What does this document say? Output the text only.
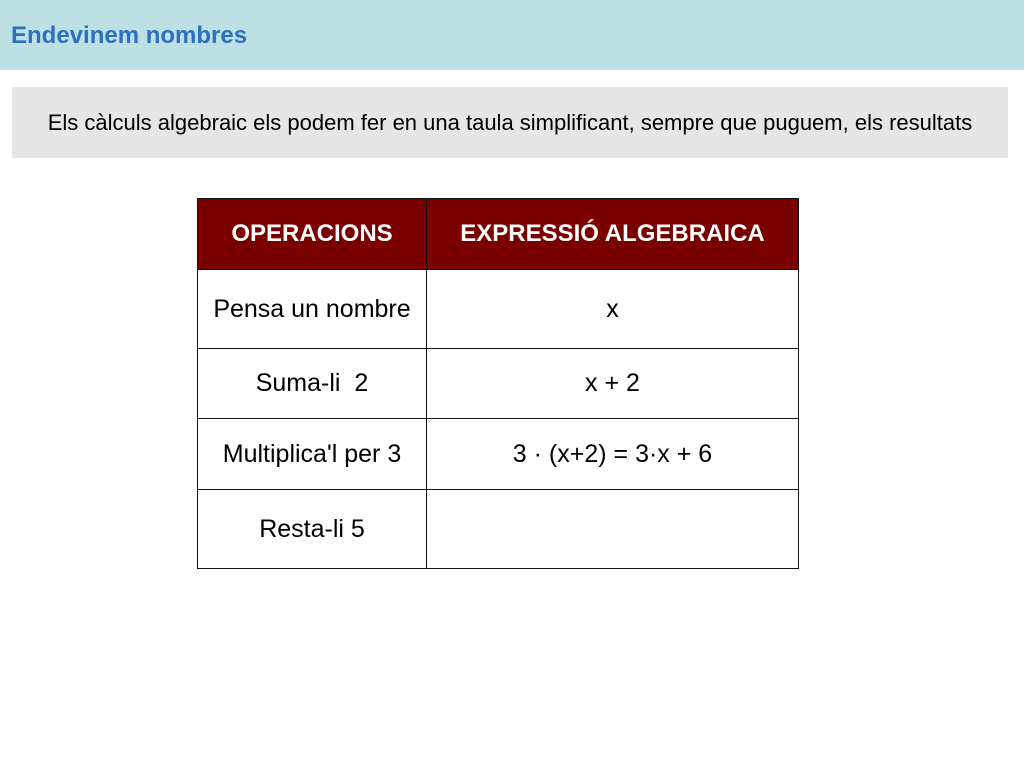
Endevinem nombres
Els càlculs algebraic els podem fer en una taula simplificant, sempre que puguem, els resultats
OPERACIONS	EXPRESSIÓ ALGEBRAICA
Pensa un nombre	x
Suma-li  2	x + 2
Multiplica'l per 3	3 · (x+2) = 3·x + 6
Resta-li 5	
